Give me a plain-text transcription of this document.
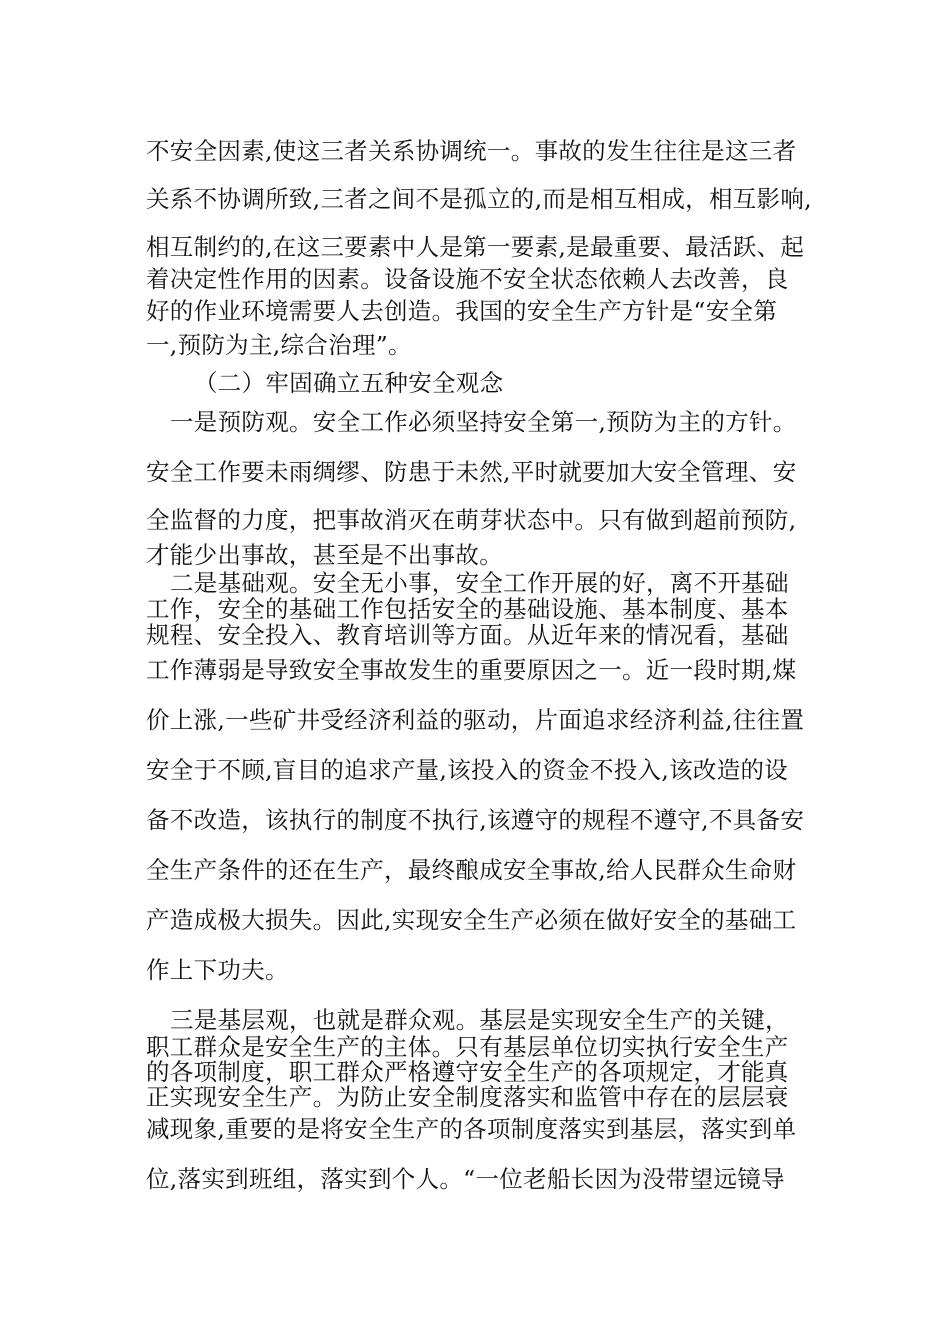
不安全因素,使这三者关系协调统一。事故的发生往往是这三者
关系不协调所致,三者之间不是孤立的,而是相互相成，相互影响,
相互制约的,在这三要素中人是第一要素,是最重要、最活跃、起
着决定性作用的因素。设备设施不安全状态依赖人去改善，良
好的作业环境需要人去创造。我国的安全生产方针是“安全第
一,预防为主,综合治理”。
（二）牢固确立五种安全观念
一是预防观。安全工作必须坚持安全第一,预防为主的方针。
安全工作要未雨绸缪、防患于未然,平时就要加大安全管理、安
全监督的力度，把事故消灭在萌芽状态中。只有做到超前预防,
才能少出事故，甚至是不出事故。
二是基础观。安全无小事，安全工作开展的好，离不开基础
工作，安全的基础工作包括安全的基础设施、基本制度、基本
规程、安全投入、教育培训等方面。从近年来的情况看，基础
工作薄弱是导致安全事故发生的重要原因之一。近一段时期,煤
价上涨,一些矿井受经济利益的驱动，片面追求经济利益,往往置
安全于不顾,盲目的追求产量,该投入的资金不投入,该改造的设
备不改造，该执行的制度不执行,该遵守的规程不遵守,不具备安
全生产条件的还在生产，最终酿成安全事故,给人民群众生命财
产造成极大损失。因此,实现安全生产必须在做好安全的基础工
作上下功夫。
三是基层观，也就是群众观。基层是实现安全生产的关键，
职工群众是安全生产的主体。只有基层单位切实执行安全生产
的各项制度，职工群众严格遵守安全生产的各项规定，才能真
正实现安全生产。为防止安全制度落实和监管中存在的层层衰
减现象,重要的是将安全生产的各项制度落实到基层，落实到单
位,落实到班组，落实到个人。“一位老船长因为没带望远镜导
